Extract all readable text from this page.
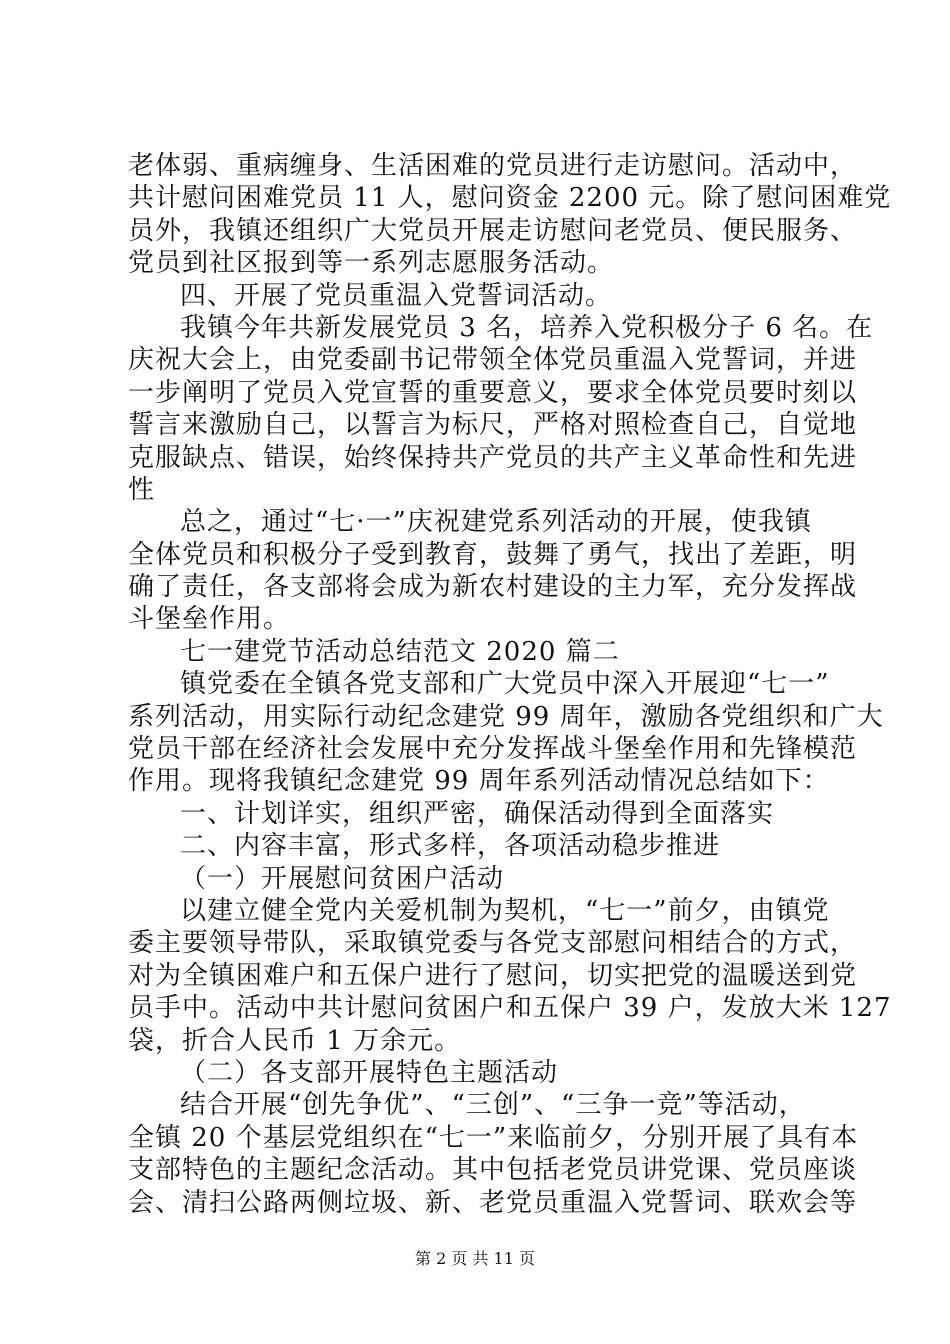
老体弱、重病缠身、生活困难的党员进行走访慰问。活动中，
共计慰问困难党员 11 人，慰问资金 2200 元。除了慰问困难党
员外，我镇还组织广大党员开展走访慰问老党员、便民服务、
党员到社区报到等一系列志愿服务活动。
四、开展了党员重温入党誓词活动。
我镇今年共新发展党员 3 名，培养入党积极分子 6 名。在
庆祝大会上，由党委副书记带领全体党员重温入党誓词，并进
一步阐明了党员入党宣誓的重要意义，要求全体党员要时刻以
誓言来激励自己，以誓言为标尺，严格对照检查自己，自觉地
克服缺点、错误，始终保持共产党员的共产主义革命性和先进
性
总之，通过“七·一”庆祝建党系列活动的开展，使我镇
全体党员和积极分子受到教育，鼓舞了勇气，找出了差距，明
确了责任，各支部将会成为新农村建设的主力军，充分发挥战
斗堡垒作用。
七一建党节活动总结范文 2020 篇二
镇党委在全镇各党支部和广大党员中深入开展迎“七一”
系列活动，用实际行动纪念建党 99 周年，激励各党组织和广大
党员干部在经济社会发展中充分发挥战斗堡垒作用和先锋模范
作用。现将我镇纪念建党 99 周年系列活动情况总结如下：
一、计划详实，组织严密，确保活动得到全面落实
二、内容丰富，形式多样，各项活动稳步推进
（一）开展慰问贫困户活动
以建立健全党内关爱机制为契机，“七一”前夕，由镇党
委主要领导带队，采取镇党委与各党支部慰问相结合的方式，
对为全镇困难户和五保户进行了慰问，切实把党的温暖送到党
员手中。活动中共计慰问贫困户和五保户 39 户，发放大米 127
袋，折合人民币 1 万余元。
（二）各支部开展特色主题活动
结合开展“创先争优”、“三创”、“三争一竞”等活动，
全镇 20 个基层党组织在“七一”来临前夕，分别开展了具有本
支部特色的主题纪念活动。其中包括老党员讲党课、党员座谈
会、清扫公路两侧垃圾、新、老党员重温入党誓词、联欢会等
第 2 页 共 11 页
